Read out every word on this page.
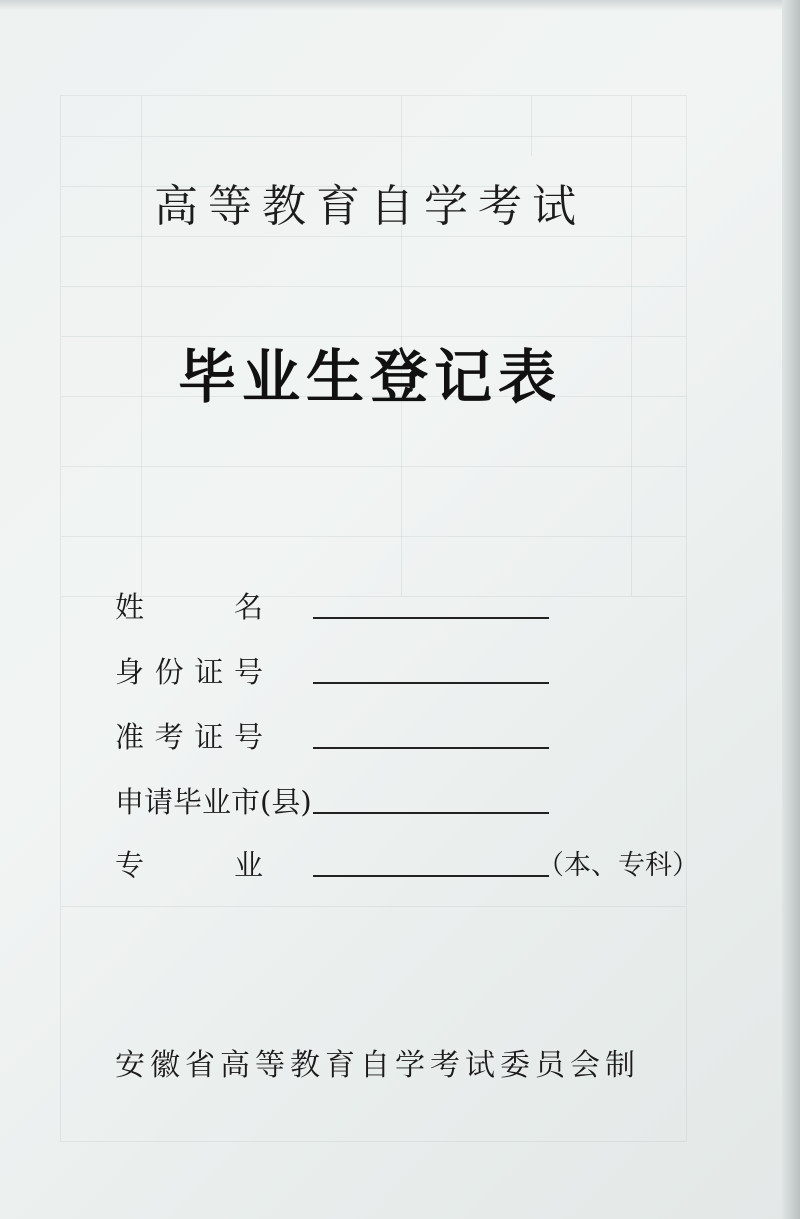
高等教育自学考试
毕业生登记表
姓	名
身 份 证 号
准 考 证 号
申请毕业市(县)
专	业	（本、专科）
安徽省高等教育自学考试委员会制
